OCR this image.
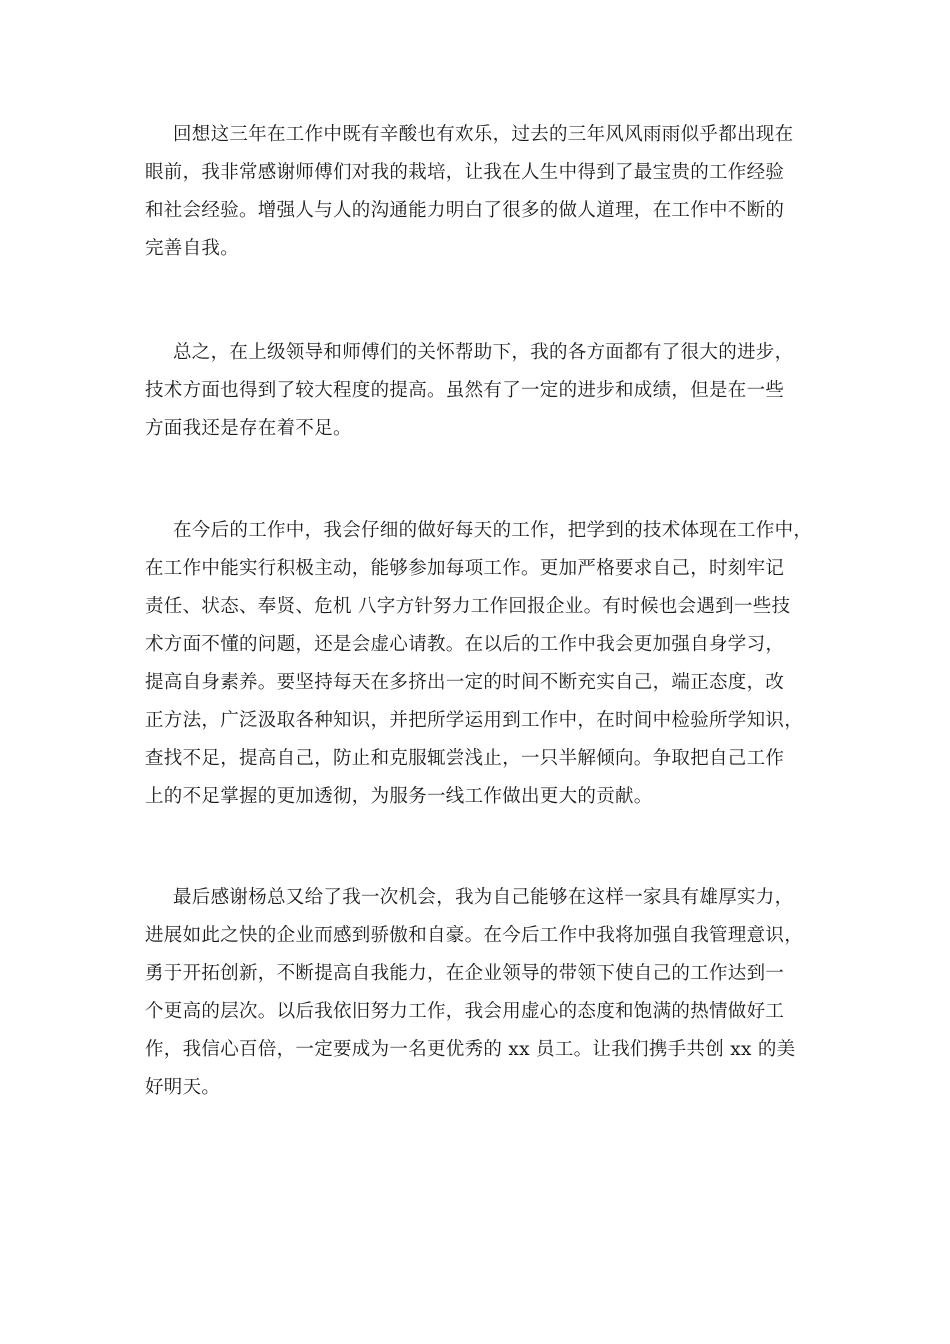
回想这三年在工作中既有辛酸也有欢乐，过去的三年风风雨雨似乎都出现在

眼前，我非常感谢师傅们对我的栽培，让我在人生中得到了最宝贵的工作经验

和社会经验。增强人与人的沟通能力明白了很多的做人道理，在工作中不断的

完善自我。

总之，在上级领导和师傅们的关怀帮助下，我的各方面都有了很大的进步，

技术方面也得到了较大程度的提高。虽然有了一定的进步和成绩，但是在一些

方面我还是存在着不足。

在今后的工作中，我会仔细的做好每天的工作，把学到的技术体现在工作中，

在工作中能实行积极主动，能够参加每项工作。更加严格要求自己，时刻牢记

责任、状态、奉贤、危机 八字方针努力工作回报企业。有时候也会遇到一些技

术方面不懂的问题，还是会虚心请教。在以后的工作中我会更加强自身学习，

提高自身素养。要坚持每天在多挤出一定的时间不断充实自己，端正态度，改

正方法，广泛汲取各种知识，并把所学运用到工作中，在时间中检验所学知识，

查找不足，提高自己，防止和克服辄尝浅止，一只半解倾向。争取把自己工作

上的不足掌握的更加透彻，为服务一线工作做出更大的贡献。

最后感谢杨总又给了我一次机会，我为自己能够在这样一家具有雄厚实力，

进展如此之快的企业而感到骄傲和自豪。在今后工作中我将加强自我管理意识，

勇于开拓创新，不断提高自我能力，在企业领导的带领下使自己的工作达到一

个更高的层次。以后我依旧努力工作，我会用虚心的态度和饱满的热情做好工

作，我信心百倍，一定要成为一名更优秀的 xx 员工。让我们携手共创 xx 的美

好明天。
